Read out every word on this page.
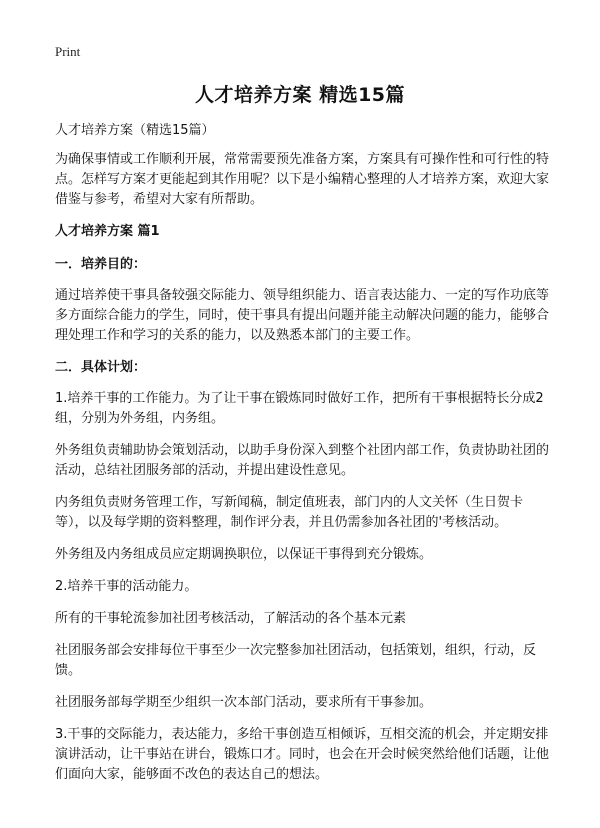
Print
人才培养方案 精选15篇

人才培养方案（精选15篇）

为确保事情或工作顺利开展，常常需要预先准备方案，方案具有可操作性和可行性的特点。怎样写方案才更能起到其作用呢？以下是小编精心整理的人才培养方案，欢迎大家借鉴与参考，希望对大家有所帮助。

人才培养方案 篇1

一．培养目的：

通过培养使干事具备较强交际能力、领导组织能力、语言表达能力、一定的写作功底等多方面综合能力的学生，同时，使干事具有提出问题并能主动解决问题的能力，能够合理处理工作和学习的关系的能力，以及熟悉本部门的主要工作。

二．具体计划：

1.培养干事的工作能力。为了让干事在锻炼同时做好工作，把所有干事根据特长分成2组，分别为外务组，内务组。

外务组负责辅助协会策划活动，以助手身份深入到整个社团内部工作，负责协助社团的活动，总结社团服务部的活动，并提出建设性意见。

内务组负责财务管理工作，写新闻稿，制定值班表，部门内的人文关怀（生日贺卡等），以及每学期的资料整理，制作评分表，并且仍需参加各社团的'考核活动。

外务组及内务组成员应定期调换职位，以保证干事得到充分锻炼。

2.培养干事的活动能力。

所有的干事轮流参加社团考核活动，了解活动的各个基本元素

社团服务部会安排每位干事至少一次完整参加社团活动，包括策划，组织，行动，反馈。

社团服务部每学期至少组织一次本部门活动，要求所有干事参加。

3.干事的交际能力，表达能力，多给干事创造互相倾诉，互相交流的机会，并定期安排演讲活动，让干事站在讲台，锻炼口才。同时，也会在开会时候突然给他们话题，让他们面向大家，能够面不改色的表达自己的想法。
